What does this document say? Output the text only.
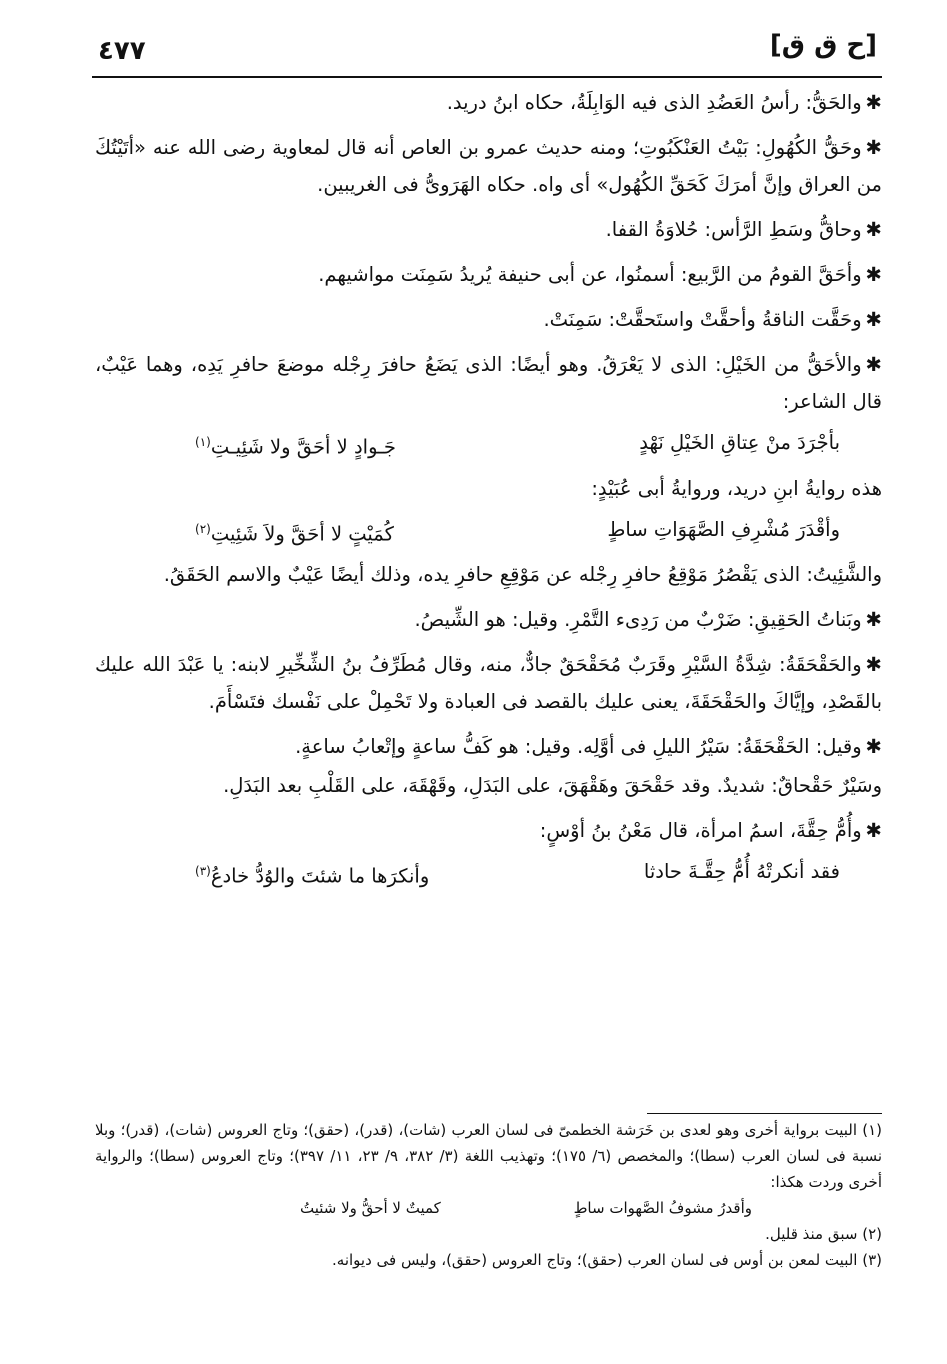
[ح ق ق]
٤٧٧

✱والحَقُّ: رأسُ العَضُدِ الذى فيه الوَابِلَةُ، حكاه ابنُ دريد.

✱وحَقُّ الكُهُولِ: بَيْتُ العَنْكَبُوتِ؛ ومنه حديث عمرو بن العاص أنه قال لمعاوية رضى الله عنه «أتَيْتُكَ من العراق وإنَّ أمرَكَ كَحَقِّ الكُهُول» أى واه. حكاه الهَرَوىُّ فى الغريبين.

✱وحاقُّ وسَطِ الرَّأس: حُلاوَةُ القفا.

✱وأحَقَّ القومُ من الرَّبيع: أسمنُوا، عن أبى حنيفة يُريدُ سَمِنَت مواشيهم.

✱وحَقَّت الناقةُ وأحقَّتْ واستَحقَّتْ: سَمِنَتْ.

✱والأحَقُّ من الخَيْلِ: الذى لا يَعْرَقُ. وهو أيضًا: الذى يَضَعُ حافرَ رِجْله موضعَ حافرِ يَدِه، وهما عَيْبٌ، قال الشاعر:

بأجْرَدَ منْ عِتاقِ الخَيْلِ نَهْدٍ
جَـوادٍ لا أحَقَّ ولا شَئِيـتِ$^{(١)}$

هذه روايةُ ابنِ دريد، وروايةُ أبى عُبَيْدٍ:

وأقْدَرَ مُشْرِفِ الصَّهَوَاتِ ساطٍ
كُمَيْتٍ لا أحَقَّ ولاَ شَئِيتِ$^{(٢)}$

والشَّئِيتُ: الذى يَقْصُرُ مَوْقِعُ حافرِ رِجْله عن مَوْقِعِ حافرِ يده، وذلك أيضًا عَيْبٌ والاسم الحَقَقُ.

✱وبَناتُ الحَقِيقِ: ضَرْبٌ من رَدِىء التَّمْرِ. وقيل: هو الشِّيصُ.

✱والحَقْحَقَةُ: شِدَّةُ السَّيْرِ وقَرَبٌ مُحَقْحَقٌ جادٌّ، منه، وقال مُطَرِّفُ بنُ الشِّخِّيرِ لابنه: يا عَبْدَ الله عليك بالقَصْدِ، وإيَّاكَ والحَقْحَقَةَ، يعنى عليك بالقصد فى العبادة ولا تَحْمِلْ على نَفْسك فتَسْأَمَ.

✱وقيل: الحَقْحَقَةُ: سَيْرُ الليلِ فى أوَّلِه. وقيل: هو كَفُّ ساعةٍ وإتْعابُ ساعةٍ.

وسَيْرٌ حَقْحاقٌ: شديدٌ. وقد حَقْحَقَ وهَقْهَقَ، على البَدَلِ، وقَهْقَهَ، على القَلْبِ بعد البَدَلِ.

✱وأُمُّ حِقَّةَ، اسمُ امرأة، قال مَعْنُ بنُ أوْسٍ:

فقد أنكرتْهُ أُمُّ حِقَّـةَ حادثا
وأنكرَها ما شئتَ والوُدُّ خادعُ$^{(٣)}$

(١) البيت برواية أخرى وهو لعدى بن خَرَشة الخطمىّ فى لسان العرب (شات)، (قدر)، (حقق)؛ وتاج العروس (شات)، (قدر)؛ وبلا نسبة فى لسان العرب (سطا)؛ والمخصص (٦/ ١٧٥)؛ وتهذيب اللغة (٣/ ٣٨٢، ٩/ ٢٣، ١١/ ٣٩٧)؛ وتاج العروس (سطا)؛ والرواية أخرى وردت هكذا:

وأقدرُ مشوفُ الصَّهوات ساطٍ
كميتٌ لا أحقُّ ولا شئيتُ

(٢) سبق منذ قليل.

(٣) البيت لمعن بن أوس فى لسان العرب (حقق)؛ وتاج العروس (حقق)، وليس فى ديوانه.
